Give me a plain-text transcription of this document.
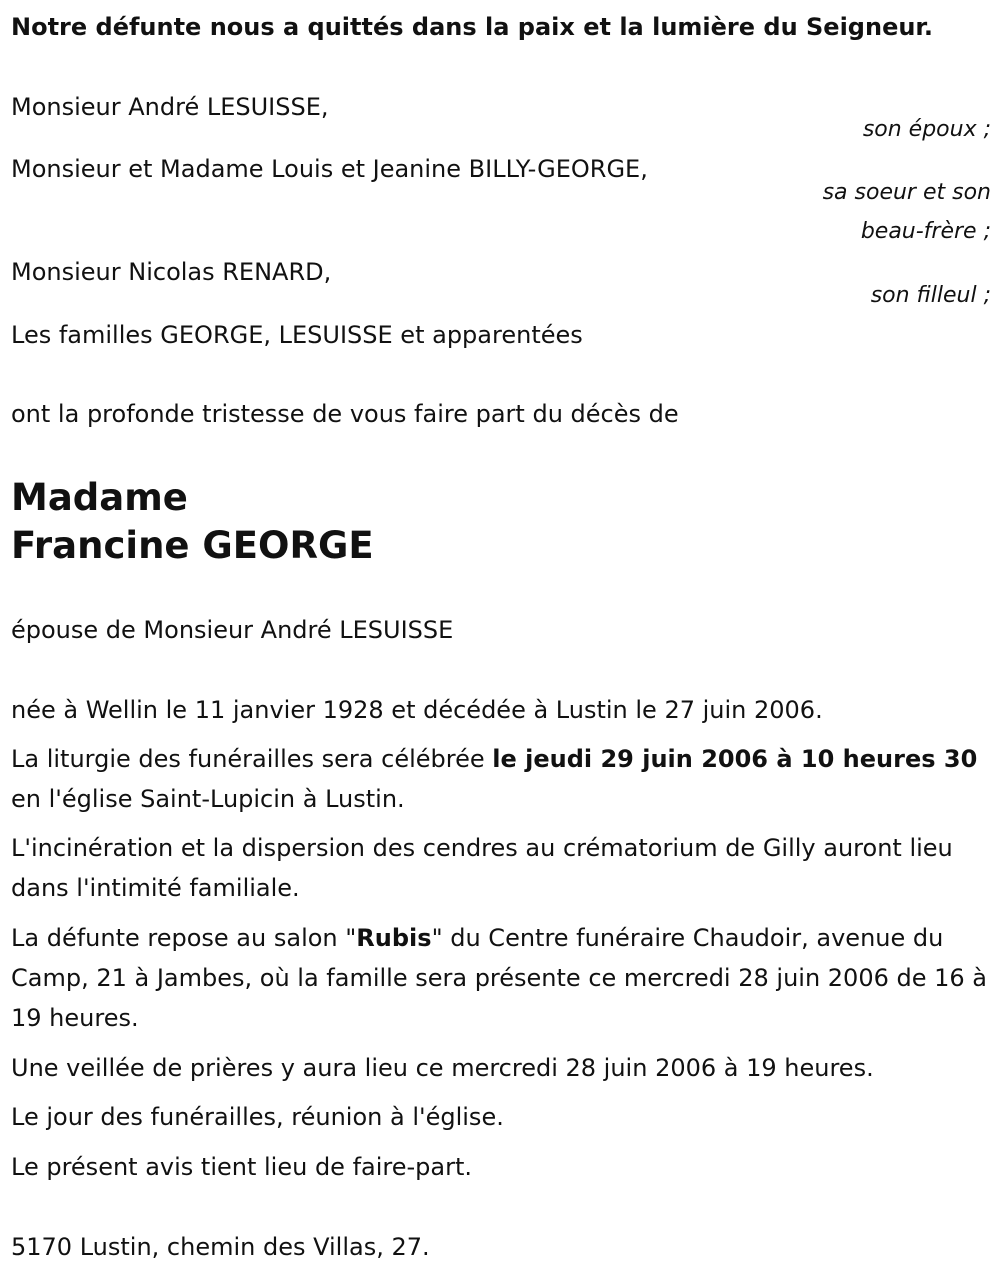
Notre défunte nous a quittés dans la paix et la lumière du Seigneur.
Monsieur André LESUISSE,
son époux ;
Monsieur et Madame Louis et Jeanine BILLY-GEORGE,
sa soeur et son
beau-frère ;
Monsieur Nicolas RENARD,
son filleul ;
Les familles GEORGE, LESUISSE et apparentées
ont la profonde tristesse de vous faire part du décès de
Madame
Francine GEORGE
épouse de Monsieur André LESUISSE
née à Wellin le 11 janvier 1928 et décédée à Lustin le 27 juin 2006.
La liturgie des funérailles sera célébrée le jeudi 29 juin 2006 à 10 heures 30 en l'église Saint-Lupicin à Lustin.
L'incinération et la dispersion des cendres au crématorium de Gilly auront lieu dans l'intimité familiale.
La défunte repose au salon "Rubis" du Centre funéraire Chaudoir, avenue du Camp, 21 à Jambes, où la famille sera présente ce mercredi 28 juin 2006 de 16 à 19 heures.
Une veillée de prières y aura lieu ce mercredi 28 juin 2006 à 19 heures.
Le jour des funérailles, réunion à l'église.
Le présent avis tient lieu de faire-part.
5170 Lustin, chemin des Villas, 27.
